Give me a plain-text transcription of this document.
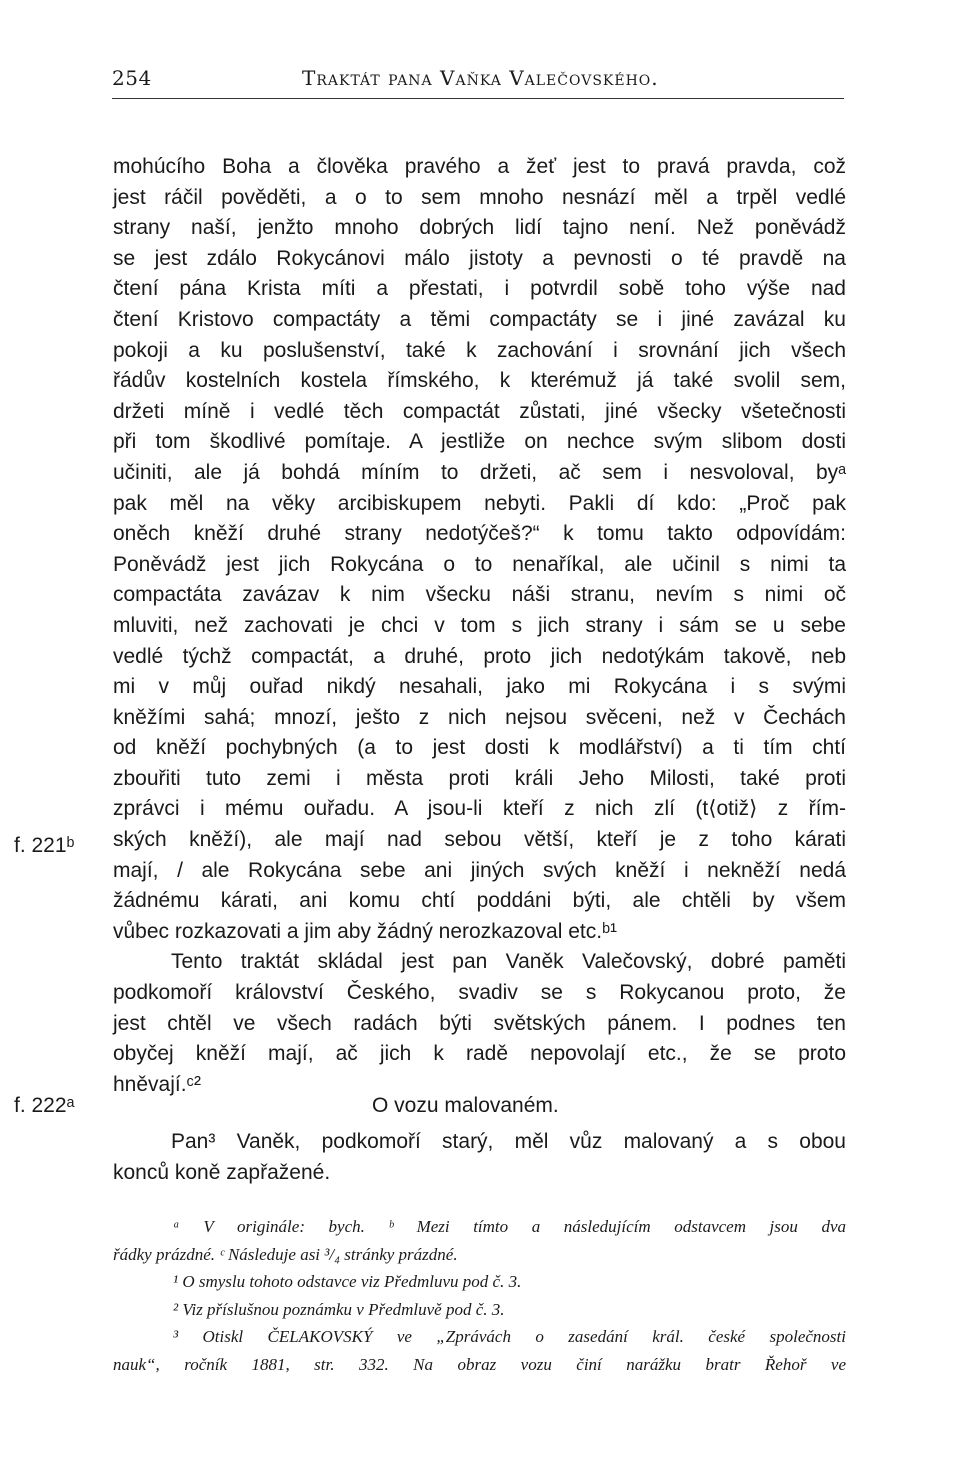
254	Traktát pana Vaňka Valečovského.
mohúcího Boha a člověka pravého a žeť jest to pravá pravda, což
jest ráčil pověděti, a o to sem mnoho nesnází měl a trpěl vedlé
strany naší, jenžto mnoho dobrých lidí tajno není. Než poněvádž
se jest zdálo Rokycánovi málo jistoty a pevnosti o té pravdě na
čtení pána Krista míti a přestati, i potvrdil sobě toho výše nad
čtení Kristovo compactáty a těmi compactáty se i jiné zavázal ku
pokoji a ku poslušenství, také k zachování i srovnání jich všech
řádův kostelních kostela římského, k kterémuž já také svolil sem,
držeti míně i vedlé těch compactát zůstati, jiné všecky všetečnosti
při tom škodlivé pomítaje. A jestliže on nechce svým slibom dosti
učiniti, ale já bohdá míním to držeti, ač sem i nesvoloval, byᵃ
pak měl na věky arcibiskupem nebyti. Pakli dí kdo: „Proč pak
oněch kněží druhé strany nedotýčeš?“ k tomu takto odpovídám:
Poněvádž jest jich Rokycána o to nenaříkal, ale učinil s nimi ta
compactáta zavázav k nim všecku náši stranu, nevím s nimi oč
mluviti, než zachovati je chci v tom s jich strany i sám se u sebe
vedlé týchž compactát, a druhé, proto jich nedotýkám takově, neb
mi v můj ouřad nikdý nesahali, jako mi Rokycána i s svými
kněžími sahá; mnozí, ješto z nich nejsou svěceni, než v Čechách
od kněží pochybných (a to jest dosti k modlářství) a ti tím chtí
zbouřiti tuto zemi i města proti králi Jeho Milosti, také proti
zprávci i mému ouřadu. A jsou-li kteří z nich zlí (t⟨otiž⟩ z řím-
ských kněží), ale mají nad sebou větší, kteří je z toho kárati
mají, / ale Rokycána sebe ani jiných svých kněží i nekněží nedá
žádnému kárati, ani komu chtí poddáni býti, ale chtěli by všem
vůbec rozkazovati a jim aby žádný nerozkazoval etc.ᵇ¹
Tento traktát skládal jest pan Vaněk Valečovský, dobré paměti
podkomoří království Českého, svadiv se s Rokycanou proto, že
jest chtěl ve všech radách býti světských pánem. I podnes ten
obyčej kněží mají, ač jich k radě nepovolají etc., že se proto
hněvají.ᶜ²
f. 221ᵇ
f. 222ᵃ	O vozu malovaném.
Pan³ Vaněk, podkomoří starý, měl vůz malovaný a s obou
konců koně zapřažené.
ᵃ V originále: bych. ᵇ Mezi tímto a následujícím odstavcem jsou dva
řádky prázdné. ᶜ Následuje asi ³/₄ stránky prázdné.
¹ O smyslu tohoto odstavce viz Předmluvu pod č. 3.
² Viz příslušnou poznámku v Předmluvě pod č. 3.
³ Otiskl ČELAKOVSKÝ ve „Zprávách o zasedání král. české společnosti
nauk“, ročník 1881, str. 332. Na obraz vozu činí narážku bratr Řehoř ve
